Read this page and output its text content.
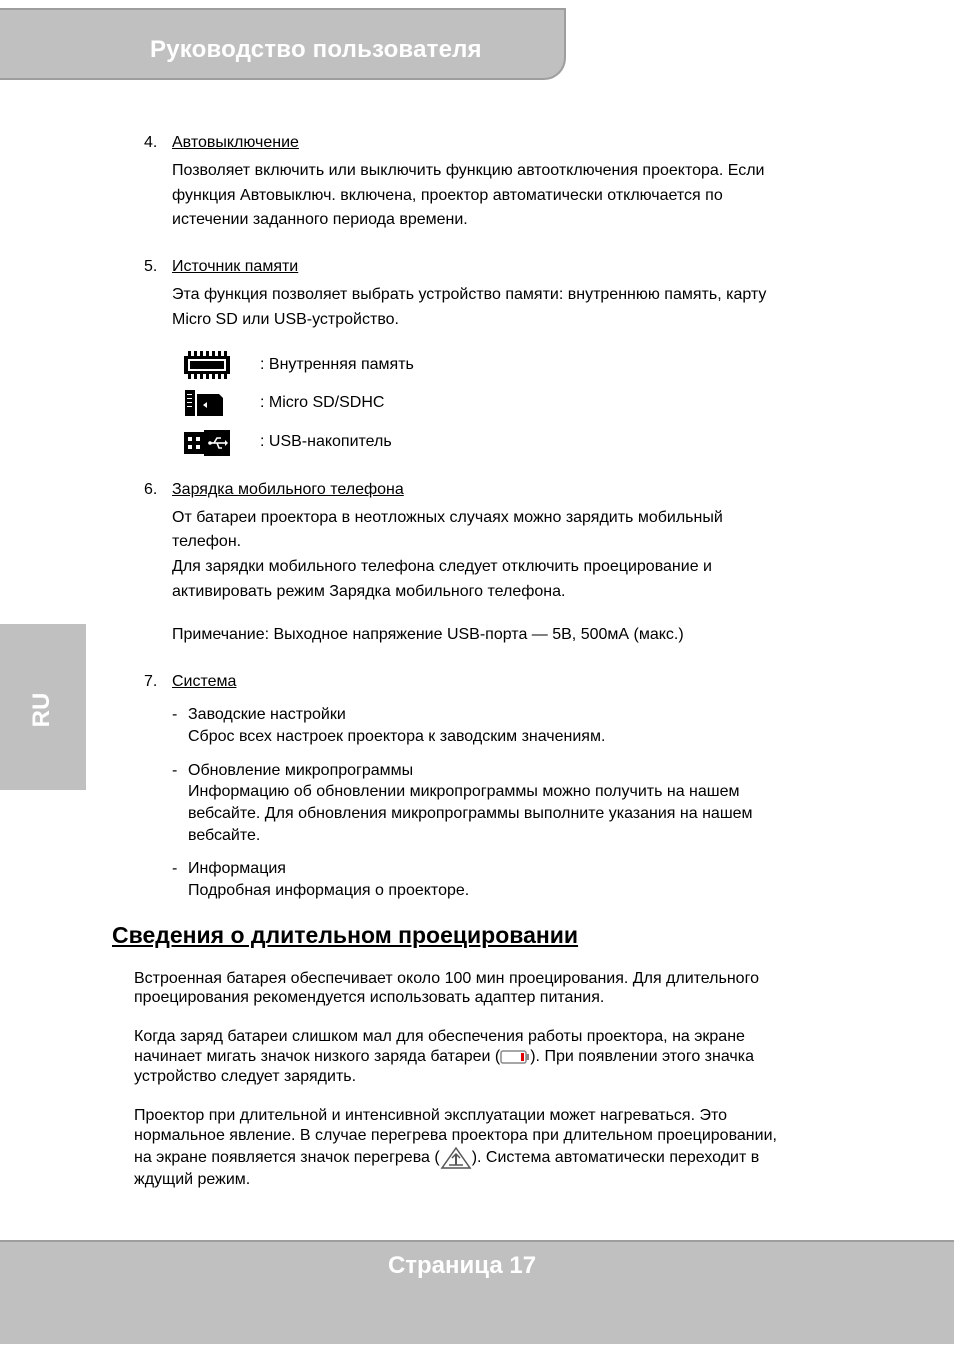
Руководство пользователя
RU
4. Автовыключение
Позволяет включить или выключить функцию автоотключения проектора. Если
функция Автовыключ. включена, проектор автоматически отключается по
истечении заданного периода времени.
5. Источник памяти
Эта функция позволяет выбрать устройство памяти: внутреннюю память, карту
Micro SD или USB-устройство.
: Внутренняя память
: Micro SD/SDHC
: USB-накопитель
6. Зарядка мобильного телефона
От батареи проектора в неотложных случаях можно зарядить мобильный
телефон.
Для зарядки мобильного телефона следует отключить проецирование и
активировать режим Зарядка мобильного телефона.
Примечание: Выходное напряжение USB-порта — 5В, 500мА (макс.)
7. Система
- Заводские настройки
Сброс всех настроек проектора к заводским значениям.
- Обновление микропрограммы
Информацию об обновлении микропрограммы можно получить на нашем
вебсайте. Для обновления микропрограммы выполните указания на нашем
вебсайте.
- Информация
Подробная информация о проекторе.
Сведения о длительном проецировании
Встроенная батарея обеспечивает около 100 мин проецирования. Для длительного
проецирования рекомендуется использовать адаптер питания.
Когда заряд батареи слишком мал для обеспечения работы проектора, на экране
начинает мигать значок низкого заряда батареи ( ). При появлении этого значка
устройство следует зарядить.
Проектор при длительной и интенсивной эксплуатации может нагреваться. Это
нормальное явление. В случае перегрева проектора при длительном проецировании,
на экране появляется значок перегрева ( ). Система автоматически переходит в
ждущий режим.
Страница 17
